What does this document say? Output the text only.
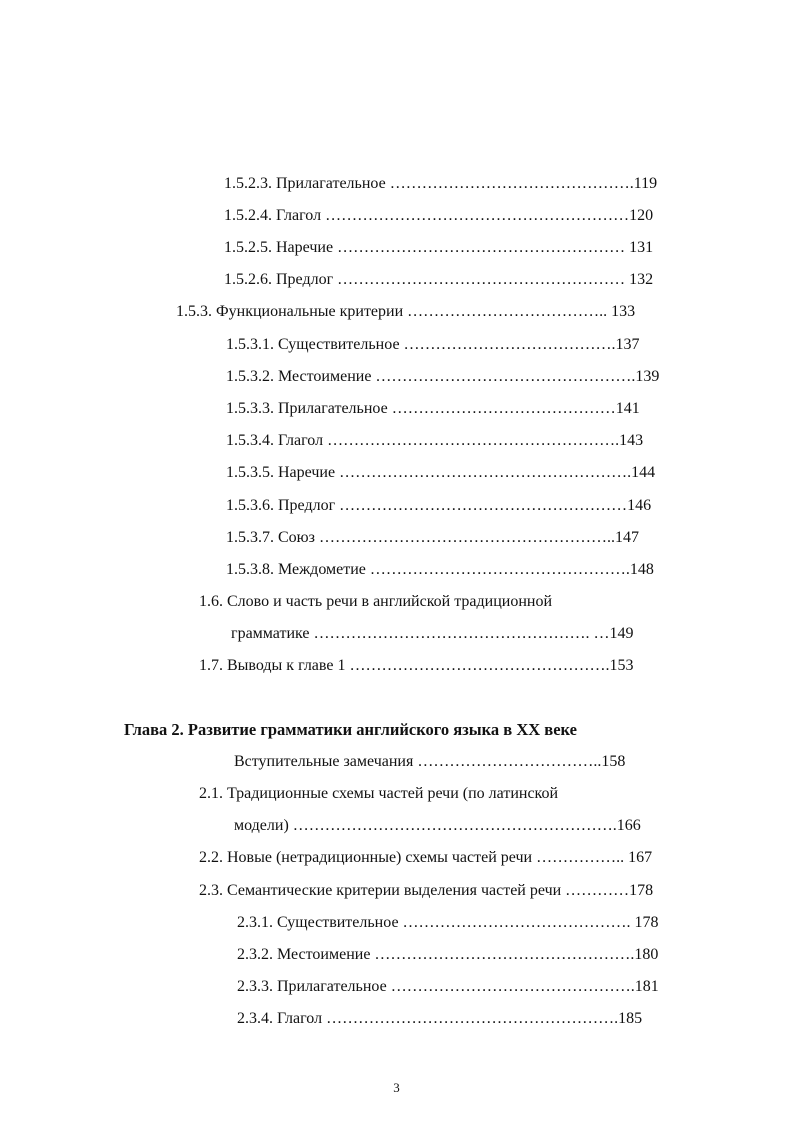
1.5.2.3. Прилагательное ……………………………………….119
1.5.2.4. Глагол …………………………………………………120
1.5.2.5. Наречие ……………………………………………… 131
1.5.2.6. Предлог ……………………………………………… 132
1.5.3. Функциональные критерии ……………………………….. 133
1.5.3.1. Существительное ………………………………….137
1.5.3.2. Местоимение ………………………………………….139
1.5.3.3. Прилагательное ……………………………………141
1.5.3.4. Глагол ……………………………………………….143
1.5.3.5. Наречие ……………………………………………….144
1.5.3.6. Предлог ………………………………………………146
1.5.3.7. Союз ………………………………………………..147
1.5.3.8. Междометие ………………………………………….148
1.6. Слово и часть речи в английской традиционной
грамматике ……………………………………………. …149
1.7. Выводы к главе 1 ………………………………………….153
Глава 2. Развитие грамматики английского языка в ХХ веке
Вступительные замечания ……………………………..158
2.1. Традиционные схемы частей речи (по латинской
модели) …………………………………………………….166
2.2. Новые (нетрадиционные) схемы частей речи …………….. 167
2.3. Семантические критерии выделения частей речи …………178
2.3.1. Существительное ……………………………………. 178
2.3.2. Местоимение ………………………………………….180
2.3.3. Прилагательное ……………………………………….181
2.3.4. Глагол ……………………………………………….185
3
